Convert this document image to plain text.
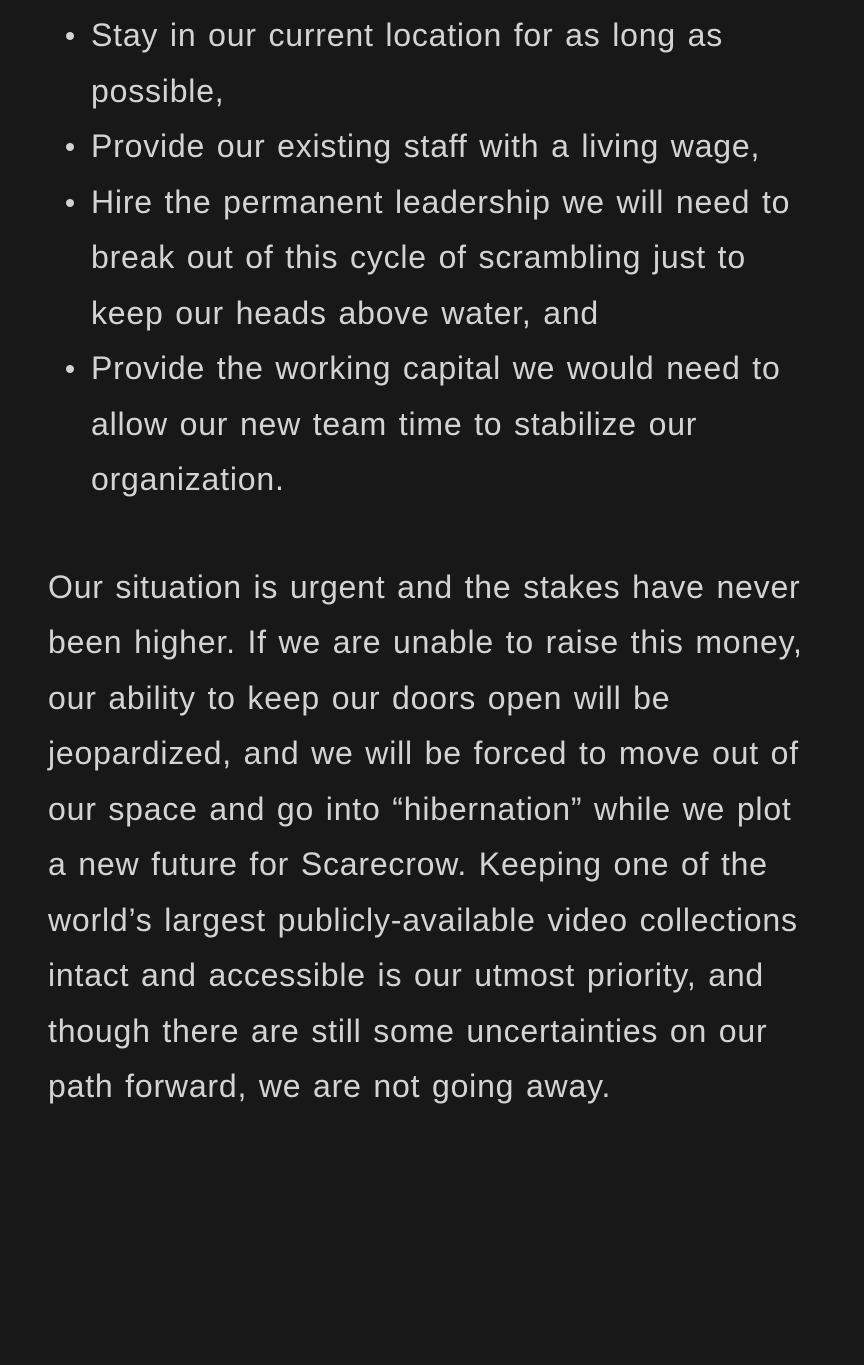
Stay in our current location for as long as possible,
Provide our existing staff with a living wage,
Hire the permanent leadership we will need to break out of this cycle of scrambling just to keep our heads above water, and
Provide the working capital we would need to allow our new team time to stabilize our organization.

Our situation is urgent and the stakes have never been higher. If we are unable to raise this money, our ability to keep our doors open will be jeopardized, and we will be forced to move out of our space and go into “hibernation” while we plot a new future for Scarecrow. Keeping one of the world’s largest publicly-available video collections intact and accessible is our utmost priority, and though there are still some uncertainties on our path forward, we are not going away.
